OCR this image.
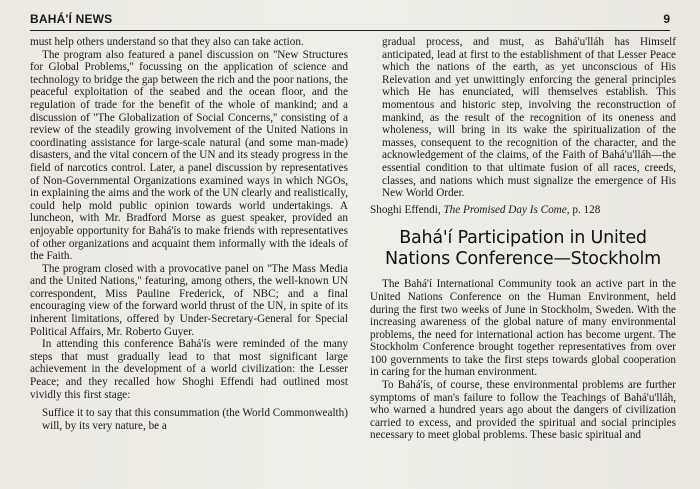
BAHÁ'Í NEWS	9

must help others understand so that they also can take action.

The program also featured a panel discussion on ''New Structures for Global Problems,'' focussing on the application of science and technology to bridge the gap between the rich and the poor nations, the peaceful exploitation of the seabed and the ocean floor, and the regulation of trade for the benefit of the whole of mankind; and a discussion of ''The Globalization of Social Concerns,'' consisting of a review of the steadily growing involvement of the United Nations in coordinating assistance for large-scale natural (and some man-made) disasters, and the vital concern of the UN and its steady progress in the field of narcotics control. Later, a panel discussion by representatives of Non-Governmental Organizations examined ways in which NGOs, in explaining the aims and the work of the UN clearly and realistically, could help mold public opinion towards world undertakings. A luncheon, with Mr. Bradford Morse as guest speaker, provided an enjoyable opportunity for Bahá'ís to make friends with representatives of other organizations and acquaint them informally with the ideals of the Faith.

The program closed with a provocative panel on ''The Mass Media and the United Nations,'' featuring, among others, the well-known UN correspondent, Miss Pauline Frederick, of NBC; and a final encouraging view of the forward world thrust of the UN, in spite of its inherent limitations, offered by Under-Secretary-General for Special Political Affairs, Mr. Roberto Guyer.

In attending this conference Bahá'ís were reminded of the many steps that must gradually lead to that most significant large achievement in the development of a world civilization: the Lesser Peace; and they recalled how Shoghi Effendi had outlined most vividly this first stage:

Suffice it to say that this consummation (the World Commonwealth) will, by its very nature, be a

gradual process, and must, as Bahá'u'lláh has Himself anticipated, lead at first to the establishment of that Lesser Peace which the nations of the earth, as yet unconscious of His Relevation and yet unwittingly enforcing the general principles which He has enunciated, will themselves establish. This momentous and historic step, involving the reconstruction of mankind, as the result of the recognition of its oneness and wholeness, will bring in its wake the spiritualization of the masses, consequent to the recognition of the character, and the acknowledgement of the claims, of the Faith of Bahá'u'lláh—the essential condition to that ultimate fusion of all races, creeds, classes, and nations which must signalize the emergence of His New World Order.

Shoghi Effendi, The Promised Day Is Come, p. 128

Bahá'í Participation in United
Nations Conference—Stockholm

The Bahá'í International Community took an active part in the United Nations Conference on the Human Environment, held during the first two weeks of June in Stockholm, Sweden. With the increasing awareness of the global nature of many environmental problems, the need for international action has become urgent. The Stockholm Conference brought together representatives from over 100 governments to take the first steps towards global cooperation in caring for the human environment.

To Bahá'ís, of course, these environmental problems are further symptoms of man's failure to follow the Teachings of Bahá'u'lláh, who warned a hundred years ago about the dangers of civilization carried to excess, and provided the spiritual and social principles necessary to meet global problems. These basic spiritual and
